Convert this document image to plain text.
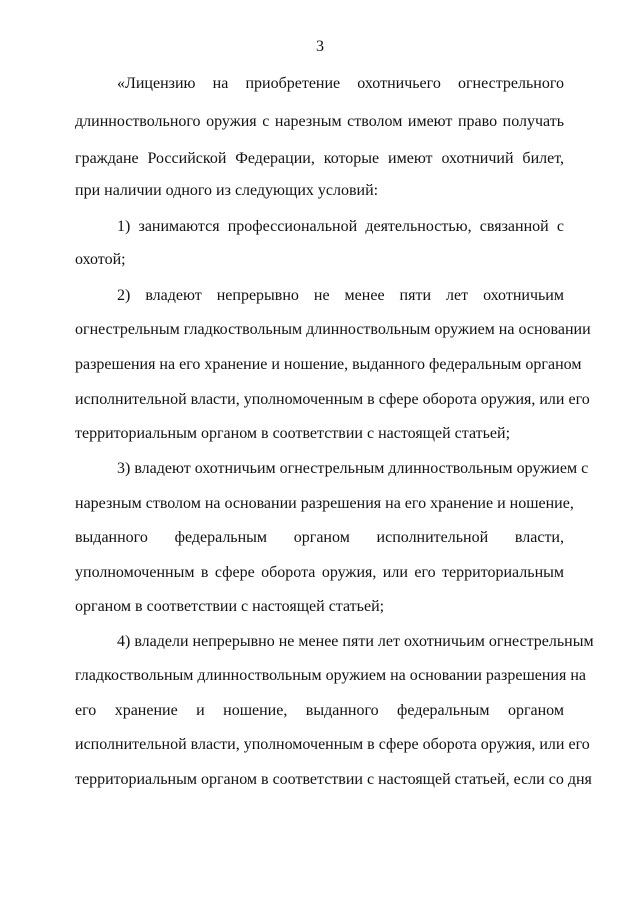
3
«Лицензию на приобретение охотничьего огнестрельного
длинноствольного оружия с нарезным стволом имеют право получать
граждане Российской Федерации, которые имеют охотничий билет,
при наличии одного из следующих условий:
1) занимаются профессиональной деятельностью, связанной с
охотой;
2) владеют непрерывно не менее пяти лет охотничьим
огнестрельным гладкоствольным длинноствольным оружием на основании
разрешения на его хранение и ношение, выданного федеральным органом
исполнительной власти, уполномоченным в сфере оборота оружия, или его
территориальным органом в соответствии с настоящей статьей;
3) владеют охотничьим огнестрельным длинноствольным оружием с
нарезным стволом на основании разрешения на его хранение и ношение,
выданного федеральным органом исполнительной власти,
уполномоченным в сфере оборота оружия, или его территориальным
органом в соответствии с настоящей статьей;
4) владели непрерывно не менее пяти лет охотничьим огнестрельным
гладкоствольным длинноствольным оружием на основании разрешения на
его хранение и ношение, выданного федеральным органом
исполнительной власти, уполномоченным в сфере оборота оружия, или его
территориальным органом в соответствии с настоящей статьей, если со дня
